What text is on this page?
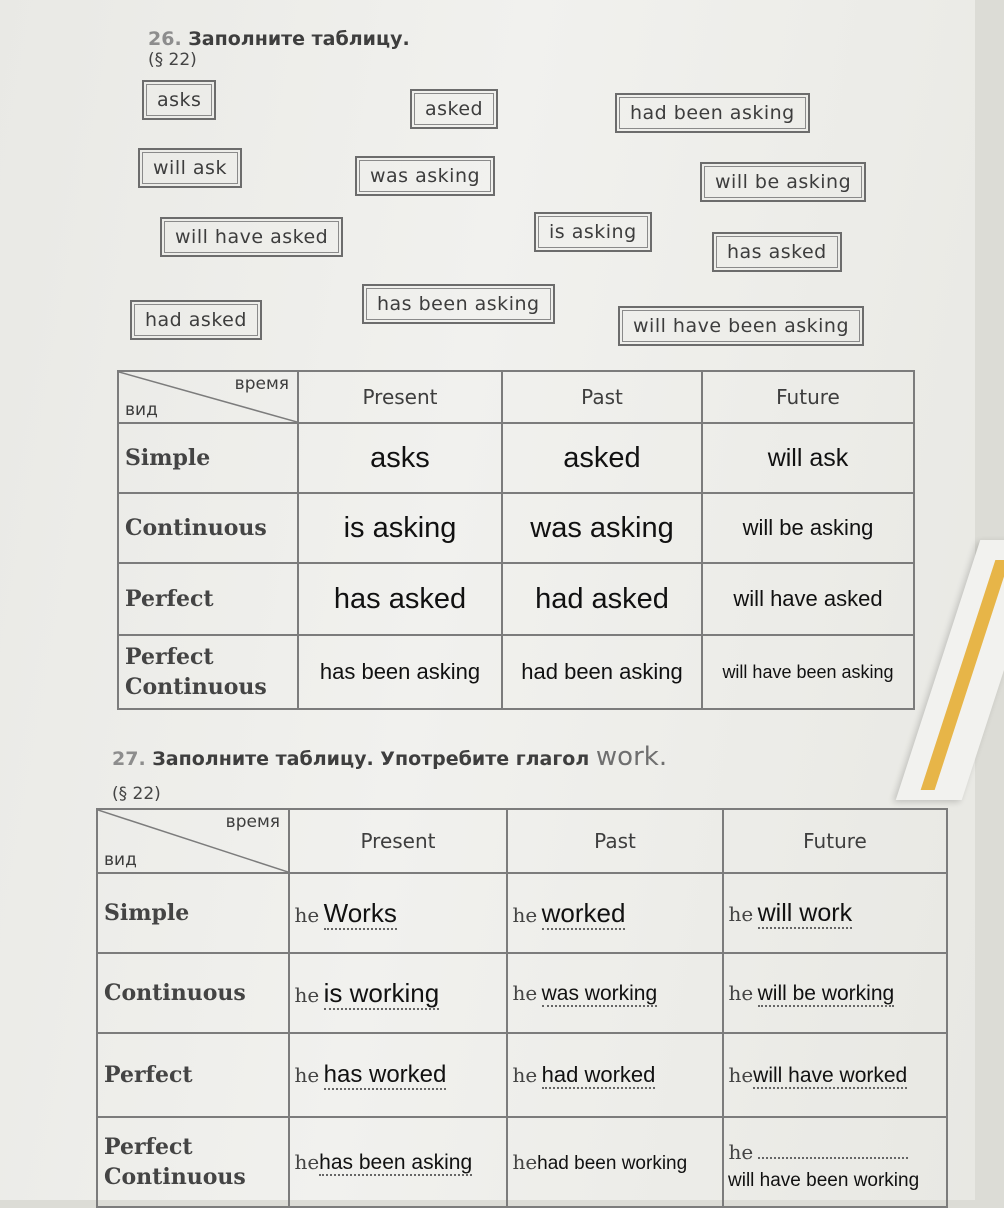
26. Заполните таблицу.
(§ 22)
asks	asked	had been asking
will ask	was asking	will be asking
will have asked	is asking
has asked
had asked
has been asking
will have been asking
время
вид	Present	Past	Future
Simple	asks	asked	will ask
Continuous	is asking	was asking	will be asking
Perfect	has asked	had asked	will have asked
Perfect Continuous	has been asking	had been asking	will have been asking
27. Заполните таблицу. Употребите глагол work.
(§ 22)
время
вид	Present	Past	Future
Simple	he Works	he worked	he will work
Continuous	he is working	he was working	he will be working
Perfect	he has worked	he had worked	hewill have worked
Perfect Continuous	hehas been asking	hehad been working	he
will have been working
